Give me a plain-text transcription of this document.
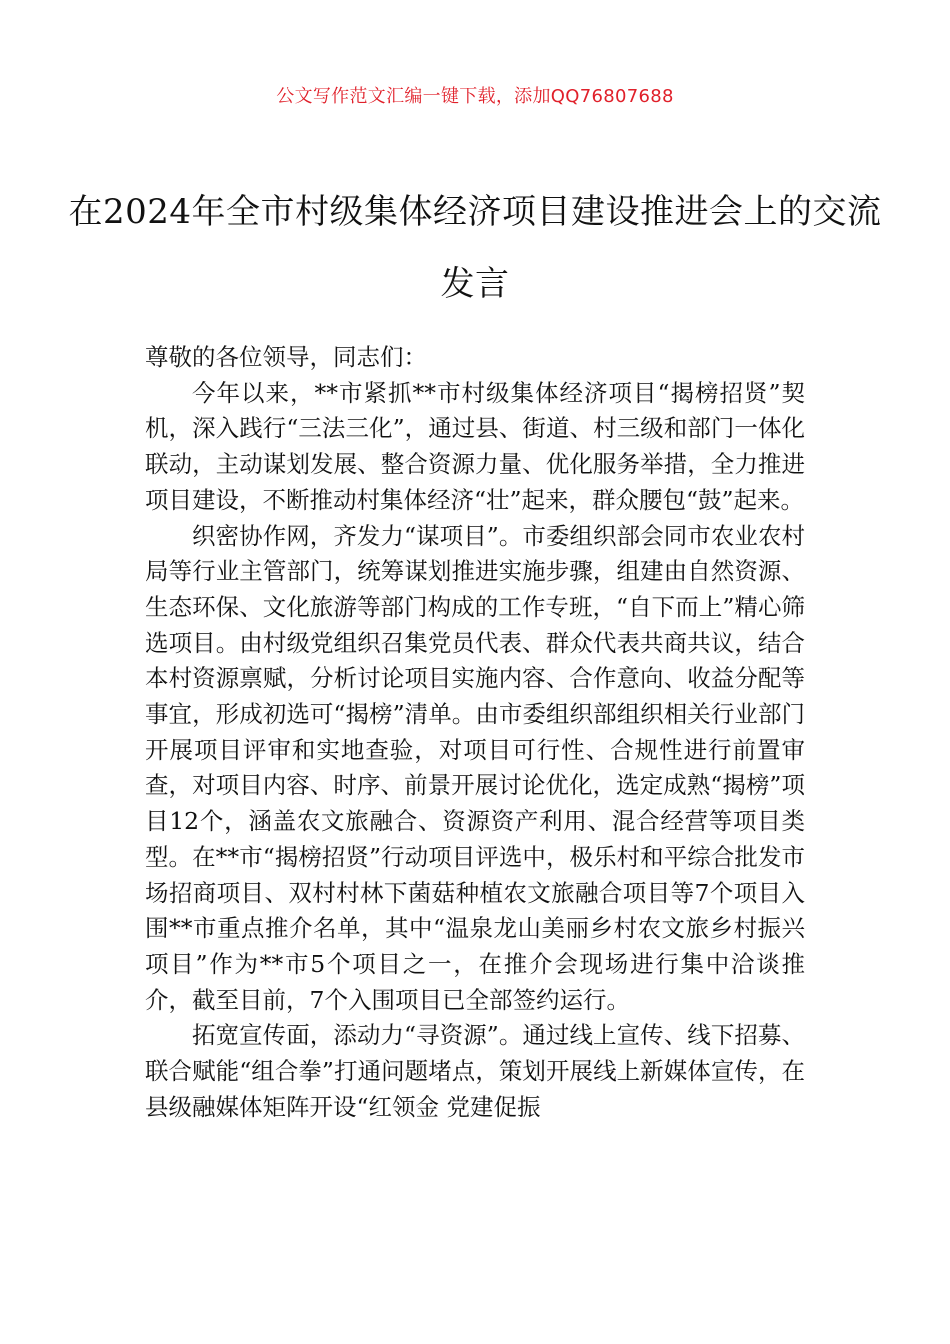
公文写作范文汇编一键下载，添加QQ76807688
在2024年全市村级集体经济项目建设推进会上的交流发言

尊敬的各位领导，同志们：

今年以来，**市紧抓**市村级集体经济项目“揭榜招贤”契机，深入践行“三法三化”，通过县、街道、村三级和部门一体化联动，主动谋划发展、整合资源力量、优化服务举措，全力推进项目建设，不断推动村集体经济“壮”起来，群众腰包“鼓”起来。

织密协作网，齐发力“谋项目”。市委组织部会同市农业农村局等行业主管部门，统筹谋划推进实施步骤，组建由自然资源、生态环保、文化旅游等部门构成的工作专班，“自下而上”精心筛选项目。由村级党组织召集党员代表、群众代表共商共议，结合本村资源禀赋，分析讨论项目实施内容、合作意向、收益分配等事宜，形成初选可“揭榜”清单。由市委组织部组织相关行业部门开展项目评审和实地查验，对项目可行性、合规性进行前置审查，对项目内容、时序、前景开展讨论优化，选定成熟“揭榜”项目12个，涵盖农文旅融合、资源资产利用、混合经营等项目类型。在**市“揭榜招贤”行动项目评选中，极乐村和平综合批发市场招商项目、双村村林下菌菇种植农文旅融合项目等7个项目入围**市重点推介名单，其中“温泉龙山美丽乡村农文旅乡村振兴项目”作为**市5个项目之一，在推介会现场进行集中洽谈推介，截至目前，7个入围项目已全部签约运行。

拓宽宣传面，添动力“寻资源”。通过线上宣传、线下招募、联合赋能“组合拳”打通问题堵点，策划开展线上新媒体宣传，在县级融媒体矩阵开设“红领金 党建促振
